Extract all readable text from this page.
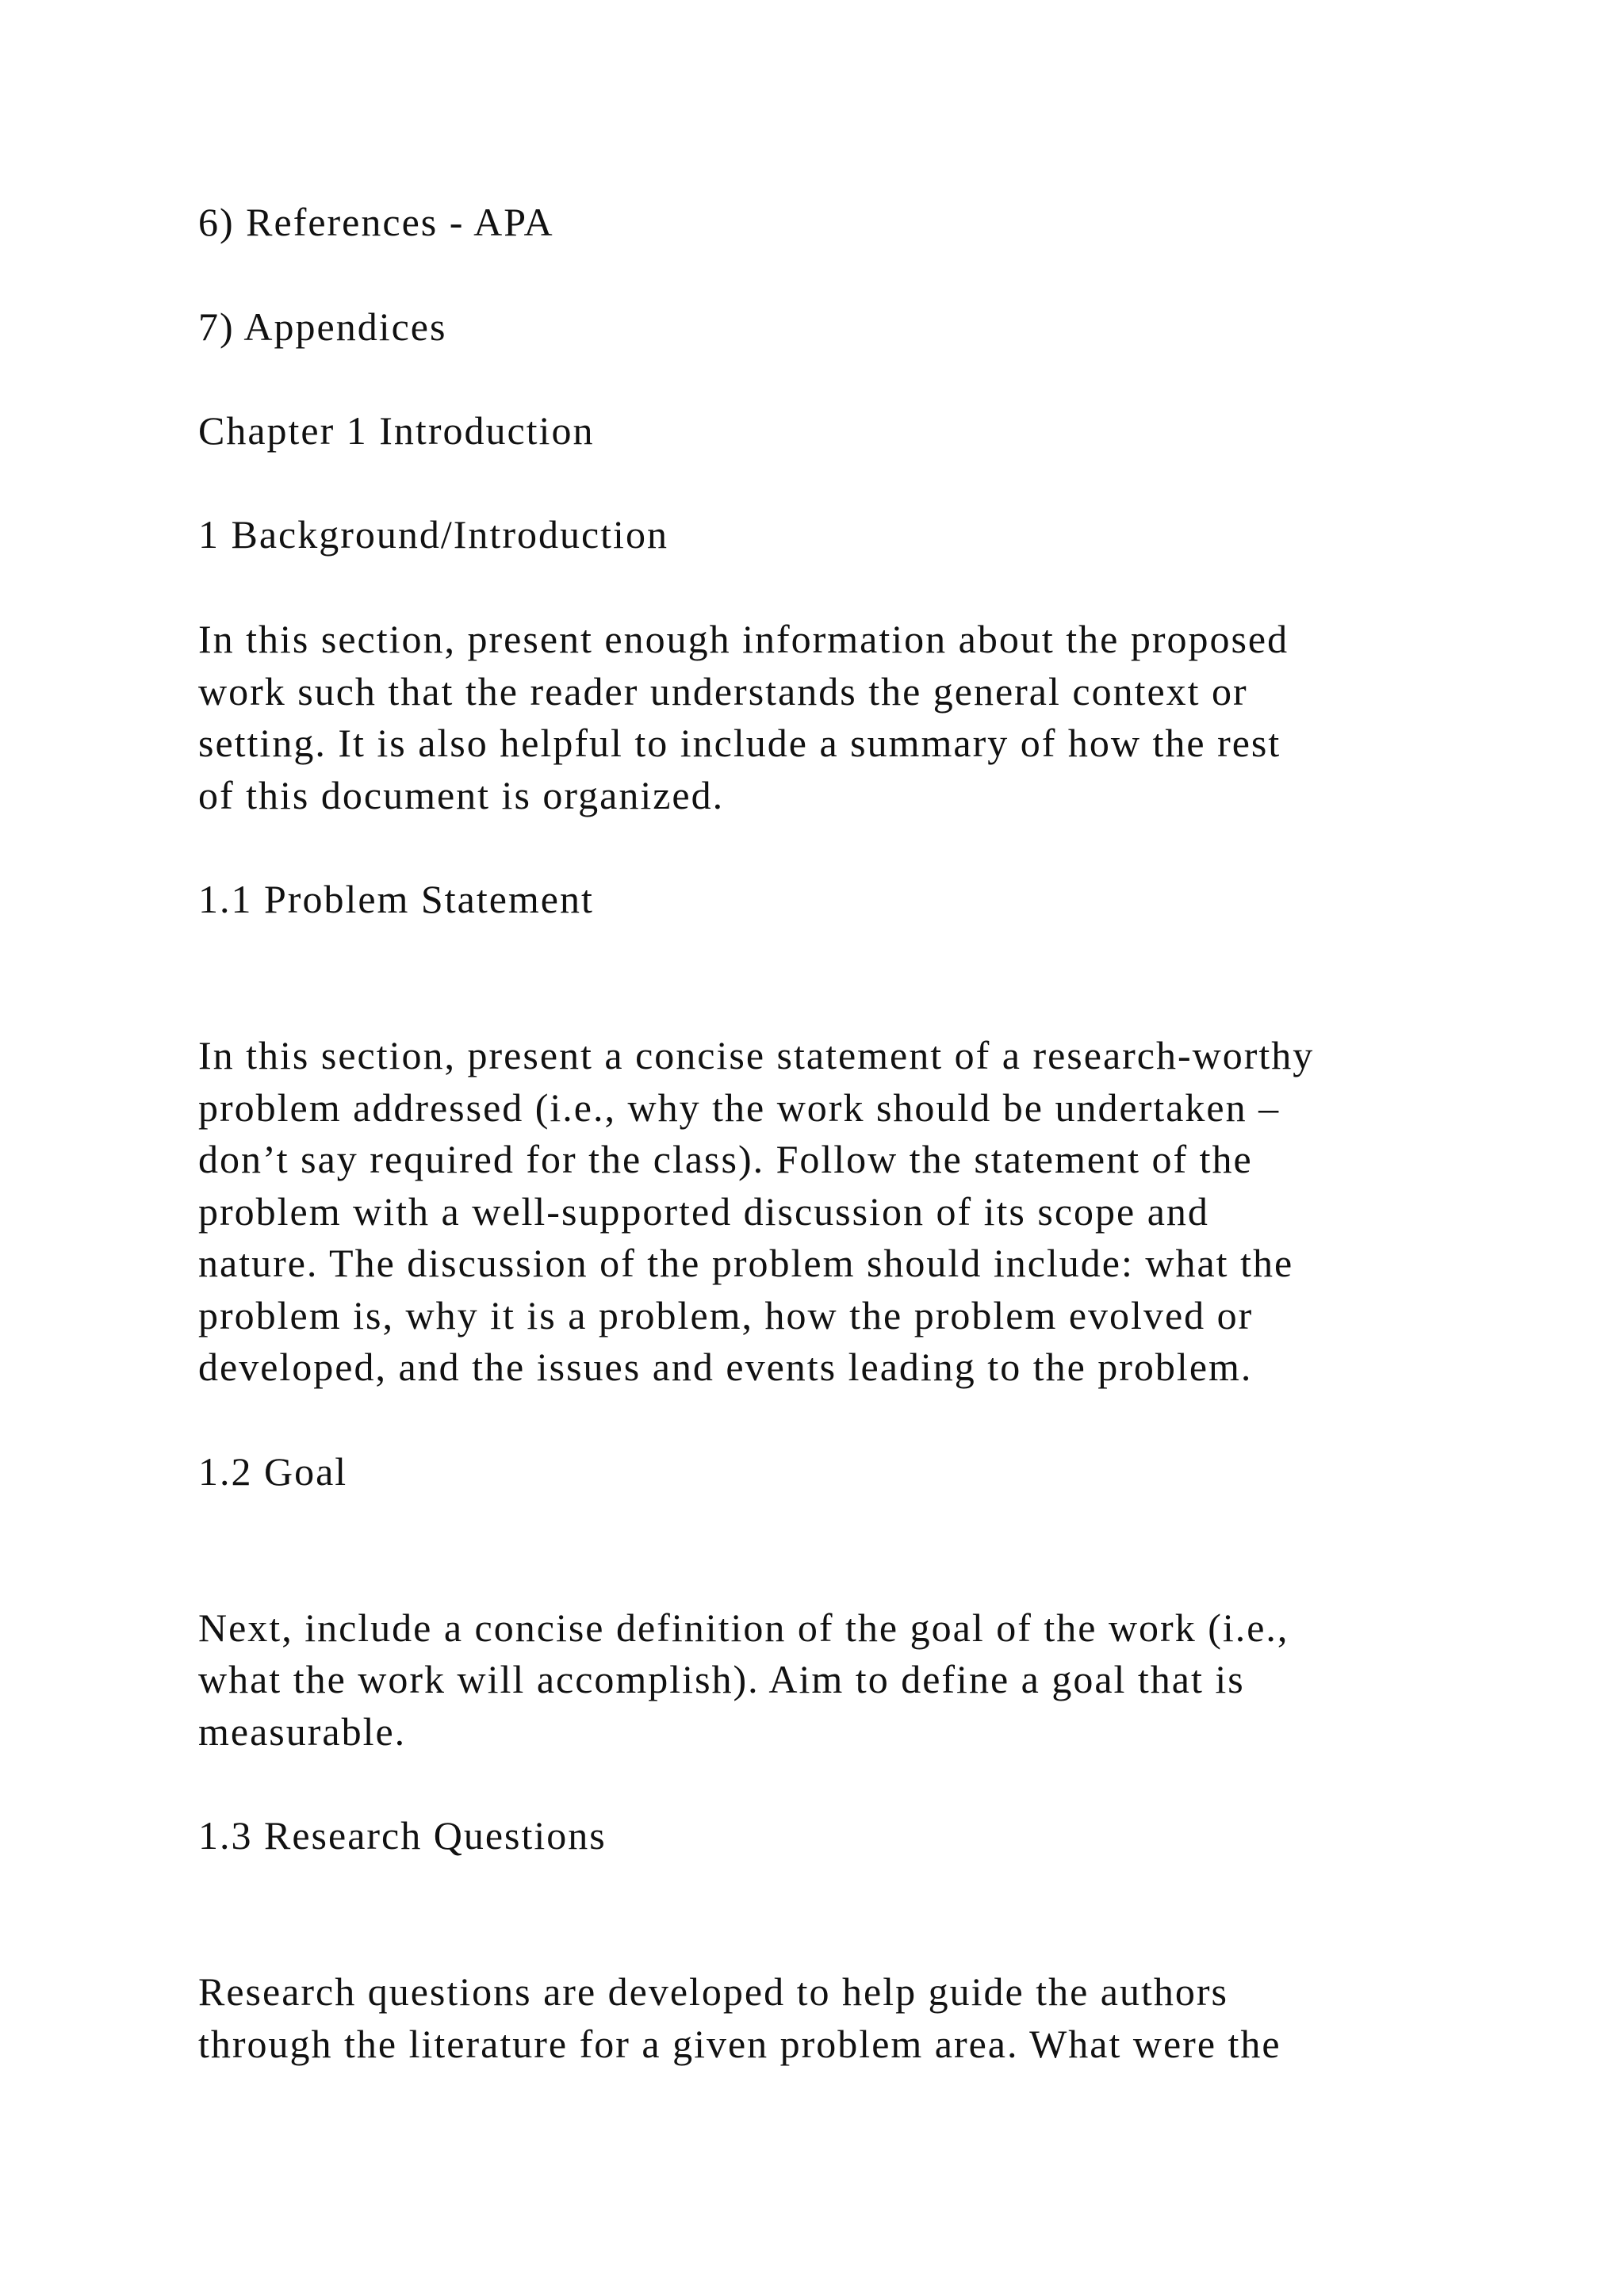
6) References - APA

7) Appendices

Chapter 1 Introduction

1 Background/Introduction

In this section, present enough information about the proposed

work such that the reader understands the general context or

setting. It is also helpful to include a summary of how the rest

of this document is organized.

1.1 Problem Statement

In this section, present a concise statement of a research-worthy

problem addressed (i.e., why the work should be undertaken –

don’t say required for the class). Follow the statement of the

problem with a well-supported discussion of its scope and

nature. The discussion of the problem should include: what the

problem is, why it is a problem, how the problem evolved or

developed, and the issues and events leading to the problem.

1.2 Goal

Next, include a concise definition of the goal of the work (i.e.,

what the work will accomplish). Aim to define a goal that is

measurable.

1.3 Research Questions

Research questions are developed to help guide the authors

through the literature for a given problem area. What were the
